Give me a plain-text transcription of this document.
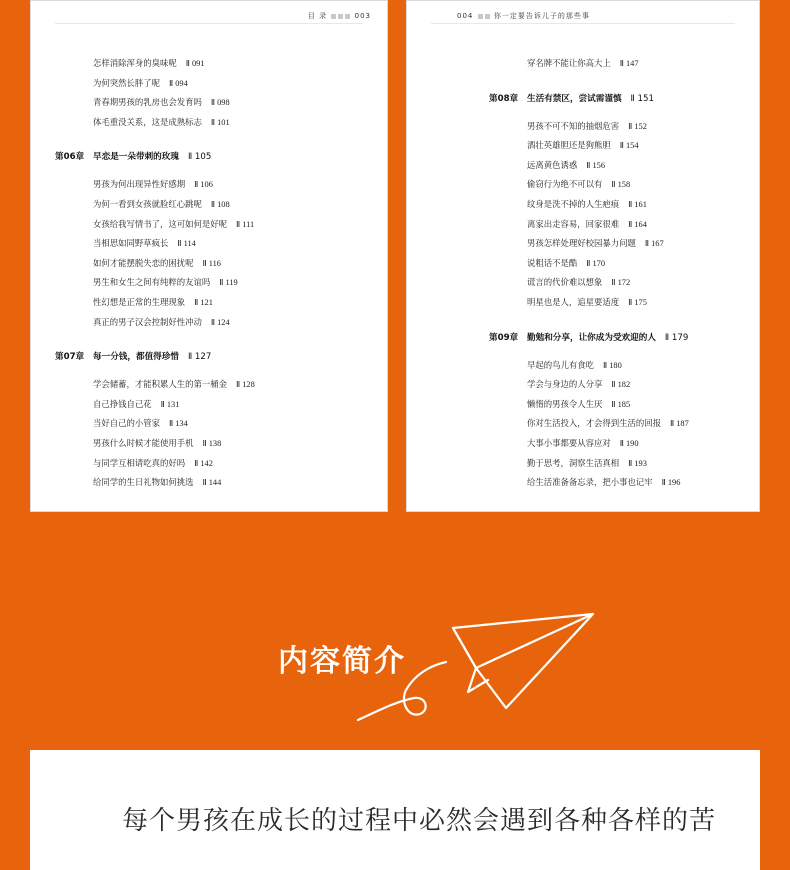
目 录	003
怎样消除浑身的臭味呢 Ⅱ 091
为何突然长胖了呢 Ⅱ 094
青春期男孩的乳房也会发育吗 Ⅱ 098
体毛重没关系，这是成熟标志 Ⅱ 101
第06章 早恋是一朵带刺的玫瑰 Ⅱ 105
男孩为何出现异性好感期 Ⅱ 106
为何一看到女孩就脸红心跳呢 Ⅱ 108
女孩给我写情书了，这可如何是好呢 Ⅱ 111
当相思如同野草疯长 Ⅱ 114
如何才能摆脱失恋的困扰呢 Ⅱ 116
男生和女生之间有纯粹的友谊吗 Ⅱ 119
性幻想是正常的生理现象 Ⅱ 121
真正的男子汉会控制好性冲动 Ⅱ 124
第07章 每一分钱，都值得珍惜 Ⅱ 127
学会储蓄，才能积累人生的第一桶金 Ⅱ 128
自己挣钱自己花 Ⅱ 131
当好自己的小管家 Ⅱ 134
男孩什么时候才能使用手机 Ⅱ 138
与同学互相请吃真的好吗 Ⅱ 142
给同学的生日礼物如何挑选 Ⅱ 144
004	你一定要告诉儿子的那些事
穿名牌不能让你高大上 Ⅱ 147
第08章 生活有禁区，尝试需谨慎 Ⅱ 151
男孩不可不知的抽烟危害 Ⅱ 152
酒壮英雄胆还是狗熊胆 Ⅱ 154
远离黄色诱惑 Ⅱ 156
偷窃行为绝不可以有 Ⅱ 158
纹身是洗不掉的人生疤痕 Ⅱ 161
离家出走容易，回家很难 Ⅱ 164
男孩怎样处理好校园暴力问题 Ⅱ 167
说粗话不是酷 Ⅱ 170
谎言的代价难以想象 Ⅱ 172
明星也是人，追星要适度 Ⅱ 175
第09章 勤勉和分享，让你成为受欢迎的人 Ⅱ 179
早起的鸟儿有食吃 Ⅱ 180
学会与身边的人分享 Ⅱ 182
懒惰的男孩令人生厌 Ⅱ 185
你对生活投入，才会得到生活的回报 Ⅱ 187
大事小事都要从容应对 Ⅱ 190
勤于思考，洞察生活真相 Ⅱ 193
给生活准备备忘录，把小事也记牢 Ⅱ 196
内容简介
每个男孩在成长的过程中必然会遇到各种各样的苦
